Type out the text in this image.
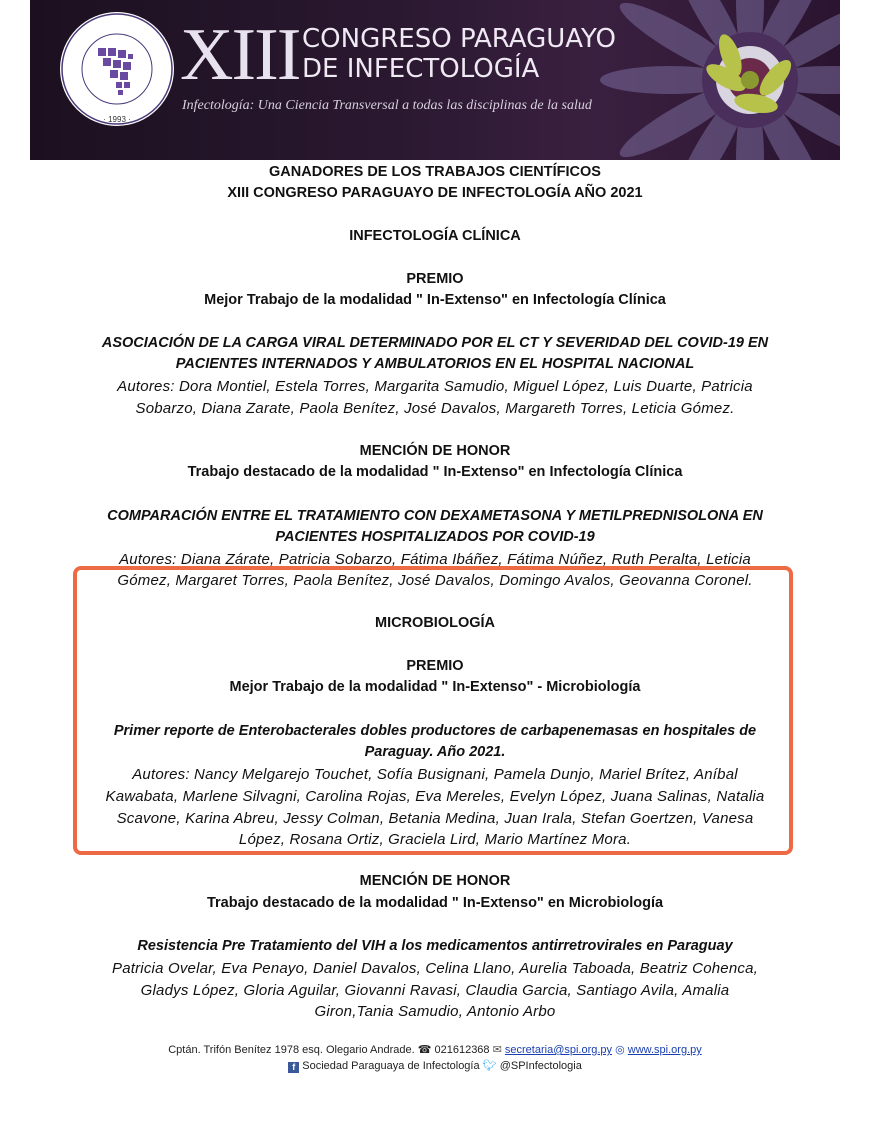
· 1993 ·
XIII CONGRESO PARAGUAYO
DE INFECTOLOGÍA
Infectología: Una Ciencia Transversal a todas las disciplinas de la salud
GANADORES DE LOS TRABAJOS CIENTÍFICOS
XIII CONGRESO PARAGUAYO DE INFECTOLOGÍA AÑO 2021
INFECTOLOGÍA CLÍNICA
PREMIO
Mejor Trabajo de la modalidad " In-Extenso" en Infectología Clínica
ASOCIACIÓN DE LA CARGA VIRAL DETERMINADO POR EL CT Y SEVERIDAD DEL COVID-19 EN
PACIENTES INTERNADOS Y AMBULATORIOS EN EL HOSPITAL NACIONAL
Autores: Dora Montiel, Estela Torres, Margarita Samudio, Miguel López, Luis Duarte, Patricia
Sobarzo, Diana Zarate, Paola Benítez, José Davalos, Margareth Torres, Leticia Gómez.
MENCIÓN DE HONOR
Trabajo destacado de la modalidad " In-Extenso" en Infectología Clínica
COMPARACIÓN ENTRE EL TRATAMIENTO CON DEXAMETASONA Y METILPREDNISOLONA EN
PACIENTES HOSPITALIZADOS POR COVID-19
Autores: Diana Zárate, Patricia Sobarzo, Fátima Ibáñez, Fátima Núñez, Ruth Peralta, Leticia
Gómez, Margaret Torres, Paola Benítez, José Davalos, Domingo Avalos, Geovanna Coronel.
MICROBIOLOGÍA
PREMIO
Mejor Trabajo de la modalidad " In-Extenso" - Microbiología
Primer reporte de Enterobacterales dobles productores de carbapenemasas en hospitales de
Paraguay. Año 2021.
Autores: Nancy Melgarejo Touchet, Sofía Busignani, Pamela Dunjo, Mariel Brítez, Aníbal
Kawabata, Marlene Silvagni, Carolina Rojas, Eva Mereles, Evelyn López, Juana Salinas, Natalia
Scavone, Karina Abreu, Jessy Colman, Betania Medina, Juan Irala, Stefan Goertzen, Vanesa
López, Rosana Ortiz, Graciela Lird, Mario Martínez Mora.
MENCIÓN DE HONOR
Trabajo destacado de la modalidad " In-Extenso" en Microbiología
Resistencia Pre Tratamiento del VIH a los medicamentos antirretrovirales en Paraguay
Patricia Ovelar, Eva Penayo, Daniel Davalos, Celina Llano, Aurelia Taboada, Beatriz Cohenca,
Gladys López, Gloria Aguilar, Giovanni Ravasi, Claudia Garcia, Santiago Avila, Amalia
Giron,Tania Samudio, Antonio Arbo
Cptán. Trifón Benítez 1978 esq. Olegario Andrade. ☎ 021612368 ✉ secretaria@spi.org.py ◎ www.spi.org.py
f Sociedad Paraguaya de Infectología 🐦︎ @SPInfectologia
